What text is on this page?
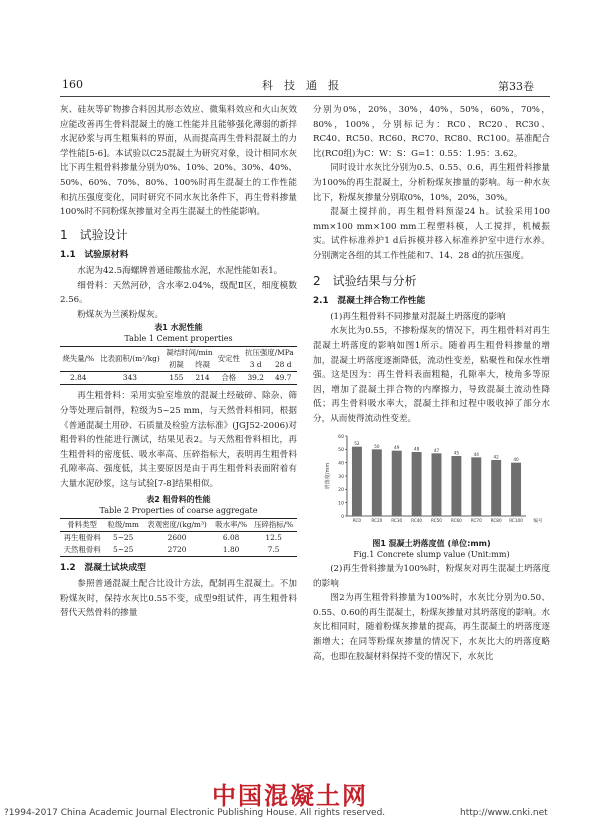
160	科　技　通　报	第33卷

灰、硅灰等矿物掺合料因其形态效应、微集料效应和火山灰效应能改善再生骨料混凝土的施工性能并且能够强化薄弱的新拌水泥砂浆与再生粗集料的界面，从而提高再生骨料混凝土的力学性能[5-6]。本试验以C25混凝土为研究对象，设计相同水灰比下再生粗骨料掺量分别为0%、10%、20%、30%、40%、50%、60%、70%、80%、100%时再生混凝土的工作性能和抗压强度变化，同时研究不同水灰比条件下，再生骨料掺量100%时不同粉煤灰掺量对全再生混凝土的性能影响。

1　试验设计
1.1　试验原材料

水泥为42.5海螺牌普通硅酸盐水泥，水泥性能如表1。

细骨料：天然河砂，含水率2.04%，级配Ⅱ区，细度模数2.56。

粉煤灰为兰溪粉煤灰。

表1 水泥性能
Table 1 Cement properties
烧失量/%	比表面积/(m²/kg)	凝结时间/min		安定性	抗压强度/MPa	
		初凝	终凝		3 d	28 d
2.84	343	155	214	合格	39.2	49.7

再生粗骨料：采用实验室堆放的混凝土经破碎、除杂、筛分等处理后制得，粒级为5~25 mm，与天然骨料相同，根据《普通混凝土用砂、石质量及检验方法标准》(JGJ52-2006)对粗骨料的性能进行测试，结果见表2。与天然粗骨料相比，再生粗骨料的密度低、吸水率高、压碎指标大，表明再生粗骨料孔隙率高、强度低，其主要原因是由于再生粗骨料表面附着有大量水泥砂浆，这与试验[7-8]结果相似。

表2 粗骨料的性能
Table 2 Properties of coarse aggregate
骨料类型	粒级/mm	表观密度/(kg/m³)	吸水率/%	压碎指标/%
再生粗骨料	5~25	2600	6.08	12.5
天然粗骨料	5~25	2720	1.80	7.5
1.2　混凝土试块成型

参照普通混凝土配合比设计方法，配制再生混凝土。不加粉煤灰时，保持水灰比0.55不变，成型9组试件，再生粗骨料替代天然骨料的掺量

分别为0%，20%，30%，40%，50%，60%，70%，80%，100%，分别标记为：RC0、RC20、RC30、RC40、RC50、RC60、RC70、RC80、RC100。基准配合比(RC0组)为C：W：S：G=1：0.55：1.95：3.62。

同时设计水灰比分别为0.5、0.55、0.6，再生粗骨料掺量为100%的再生混凝土，分析粉煤灰掺量的影响。每一种水灰比下，粉煤灰掺量分别取0%，10%，20%，30%。

混凝土搅拌前，再生粗骨料预湿24 h。试验采用100 mm×100 mm×100 mm工程塑料模，人工搅拌，机械振实。试件标准养护1 d后拆模并移入标准养护室中进行水养。分别测定各组的其工作性能和7、14、28 d的抗压强度。

2　试验结果与分析
2.1　混凝土拌合物工作性能

(1)再生粗骨料不同掺量对混凝土坍落度的影响

水灰比为0.55，不掺粉煤灰的情况下，再生粗骨料对再生混凝土坍落度的影响如图1所示。随着再生粗骨料掺量的增加，混凝土坍落度逐渐降低，流动性变差，粘聚性和保水性增强。这是因为：再生骨料表面粗糙，孔隙率大，棱角多等原因，增加了混凝土拌合物的内摩擦力，导致混凝土流动性降低；再生骨料吸水率大，混凝土拌和过程中吸收掉了部分水分，从而使得流动性变差。

0
10
20
30
40
50
60
坍落度/mm
52
RC0
50
RC20
49
RC30
48
RC40
47
RC50
45
RC60
44
RC70
42
RC80
40
RC100 编号
图1 混凝土坍落度值 (单位:mm)
Fig.1 Concrete slump value (Unit:mm)

(2)再生骨料掺量为100%时，粉煤灰对再生混凝土坍落度的影响

图2为再生粗骨料掺量为100%时，水灰比分别为0.50、0.55、0.60的再生混凝土，粉煤灰掺量对其坍落度的影响。水灰比相同时，随着粉煤灰掺量的提高，再生混凝土的坍落度逐渐增大；在同等粉煤灰掺量的情况下，水灰比大的坍落度略高，也即在胶凝材料保持不变的情况下，水灰比

中国混凝土网
?1994-2017 China Academic Journal Electronic Publishing House. All rights reserved.	http://www.cnki.net
